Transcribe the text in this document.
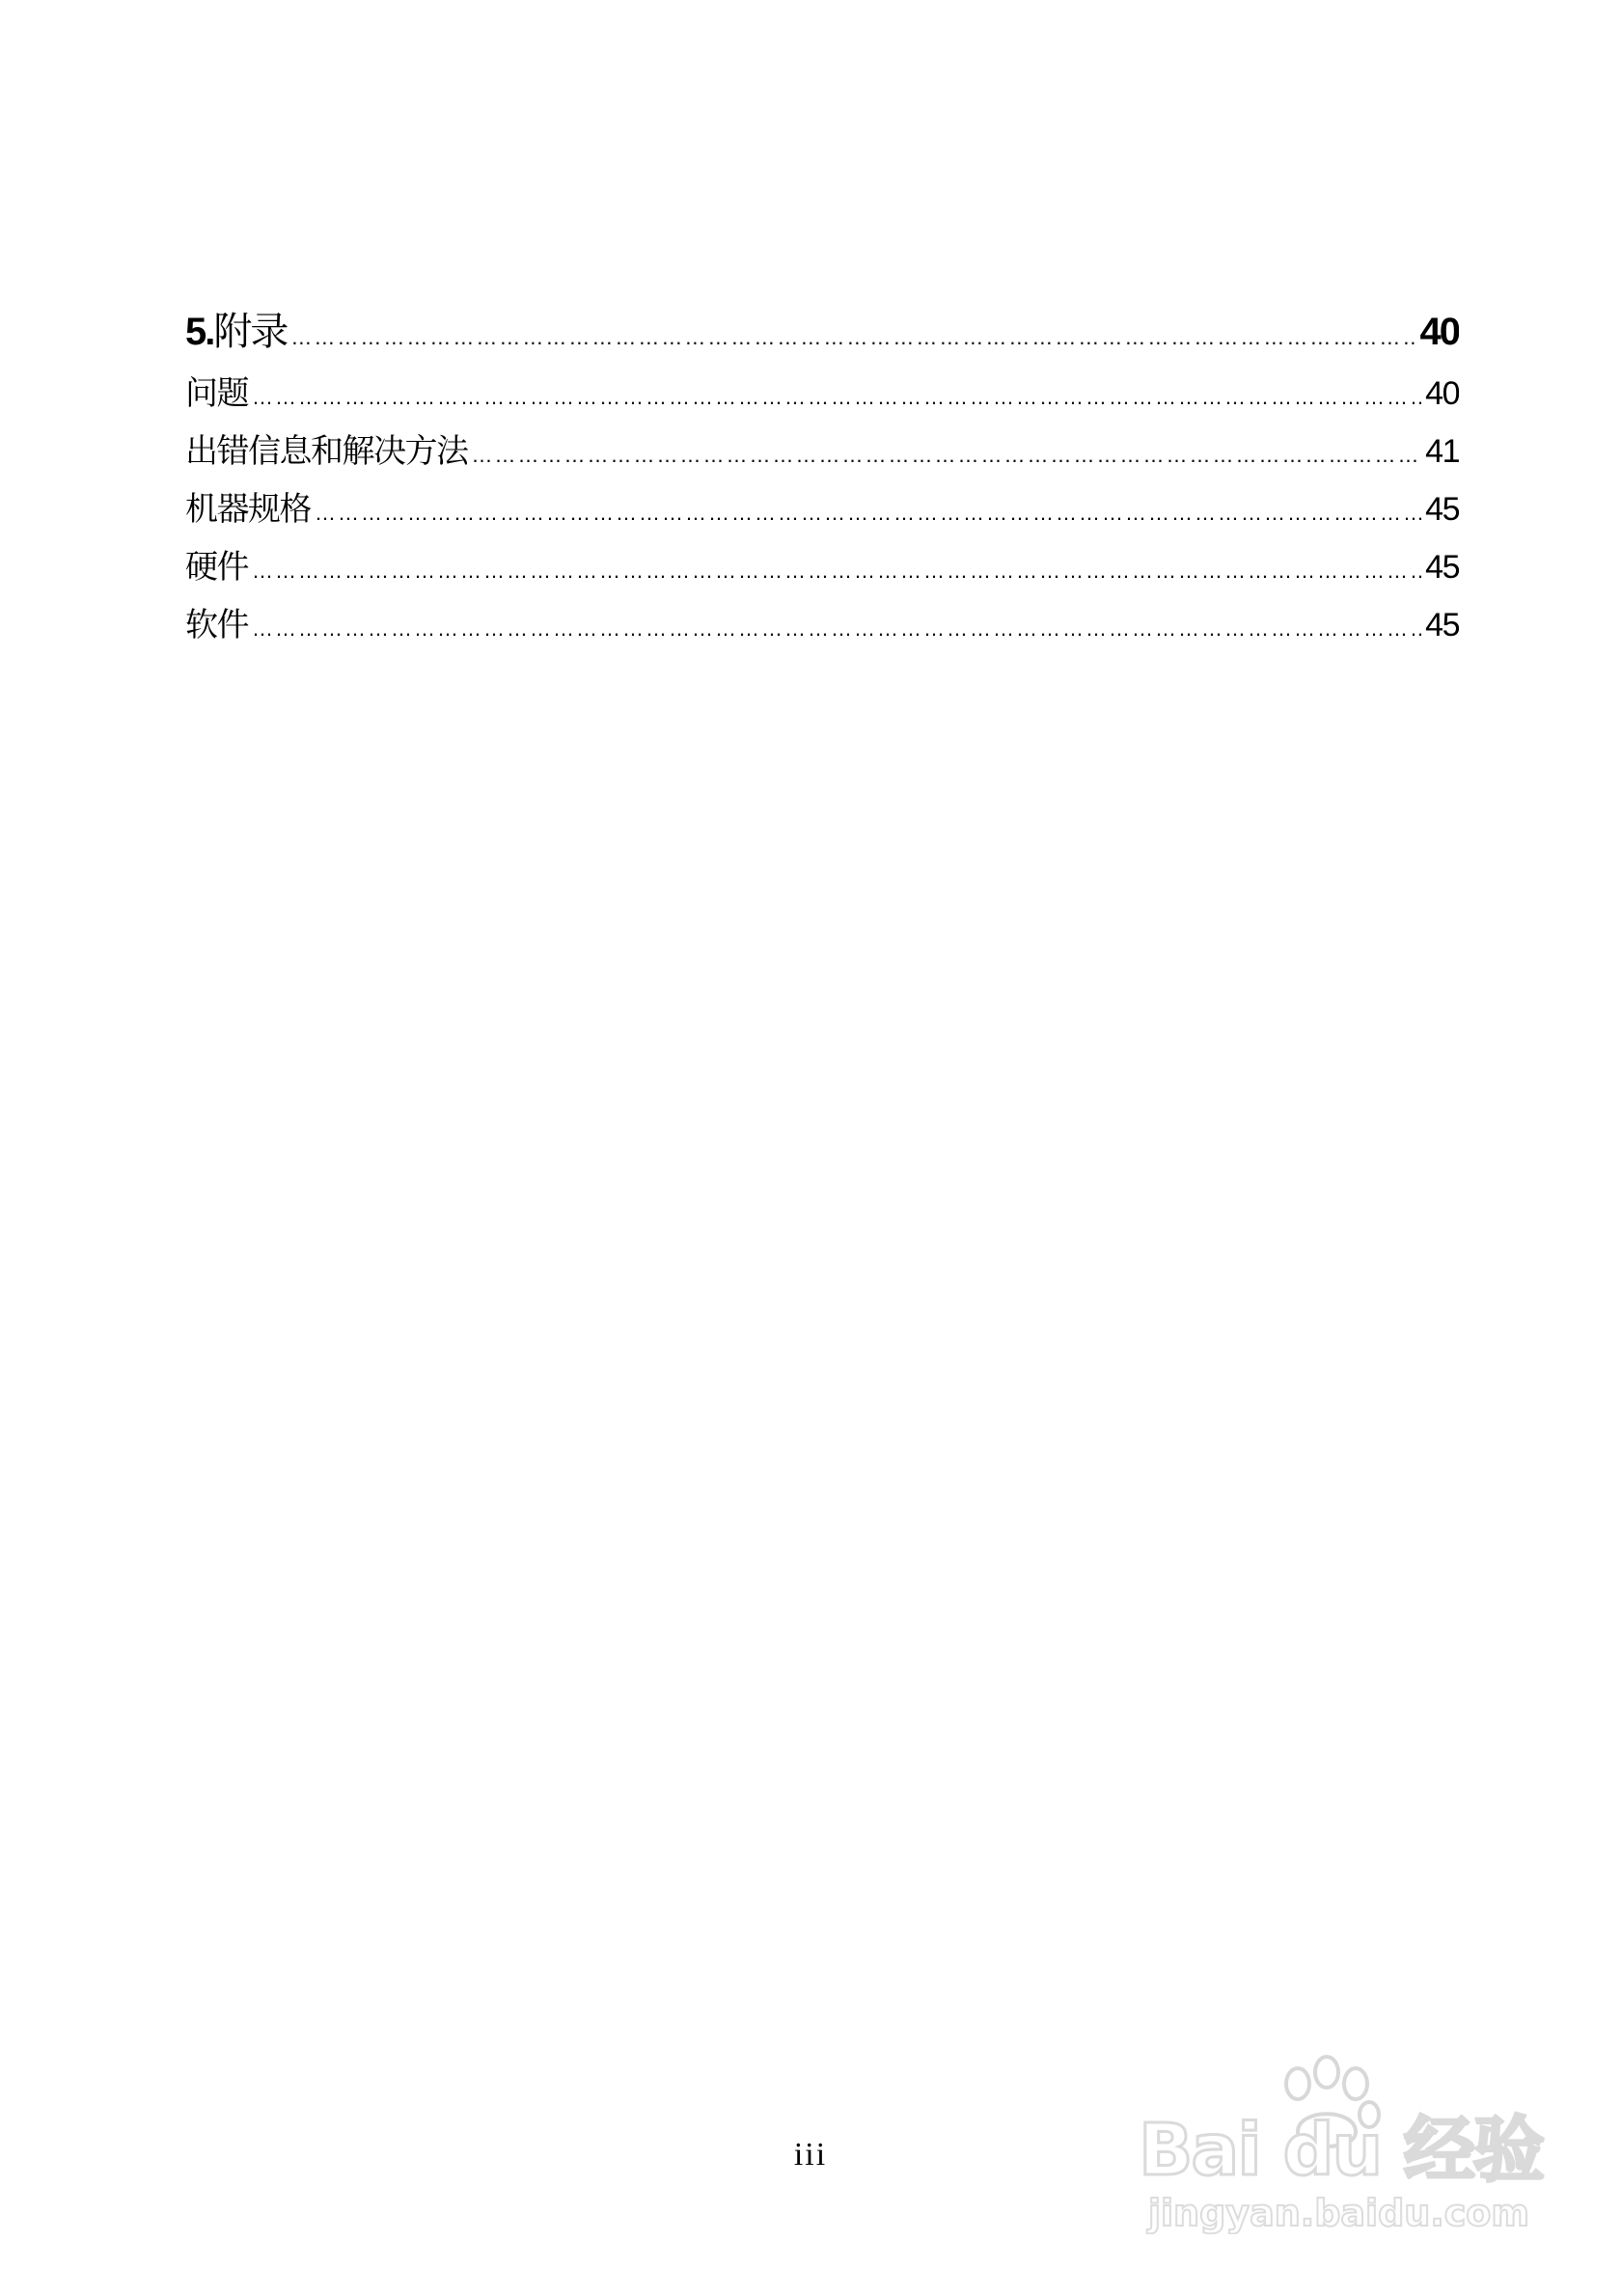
5.附录 …………………………………………………………………………………………………………………………………………………………………………………………………………………………………………………	40
问题 …………………………………………………………………………………………………………………………………………………………………………………………………………………………………………………	40
出错信息和解决方法 …………………………………………………………………………………………………………………………………………………………………………………………………………………………………………………	41
机器规格 …………………………………………………………………………………………………………………………………………………………………………………………………………………………………………………	45
硬件 …………………………………………………………………………………………………………………………………………………………………………………………………………………………………………………	45
软件 …………………………………………………………………………………………………………………………………………………………………………………………………………………………………………………	45
iii	Bai du 经验
jingyan.baidu.com
